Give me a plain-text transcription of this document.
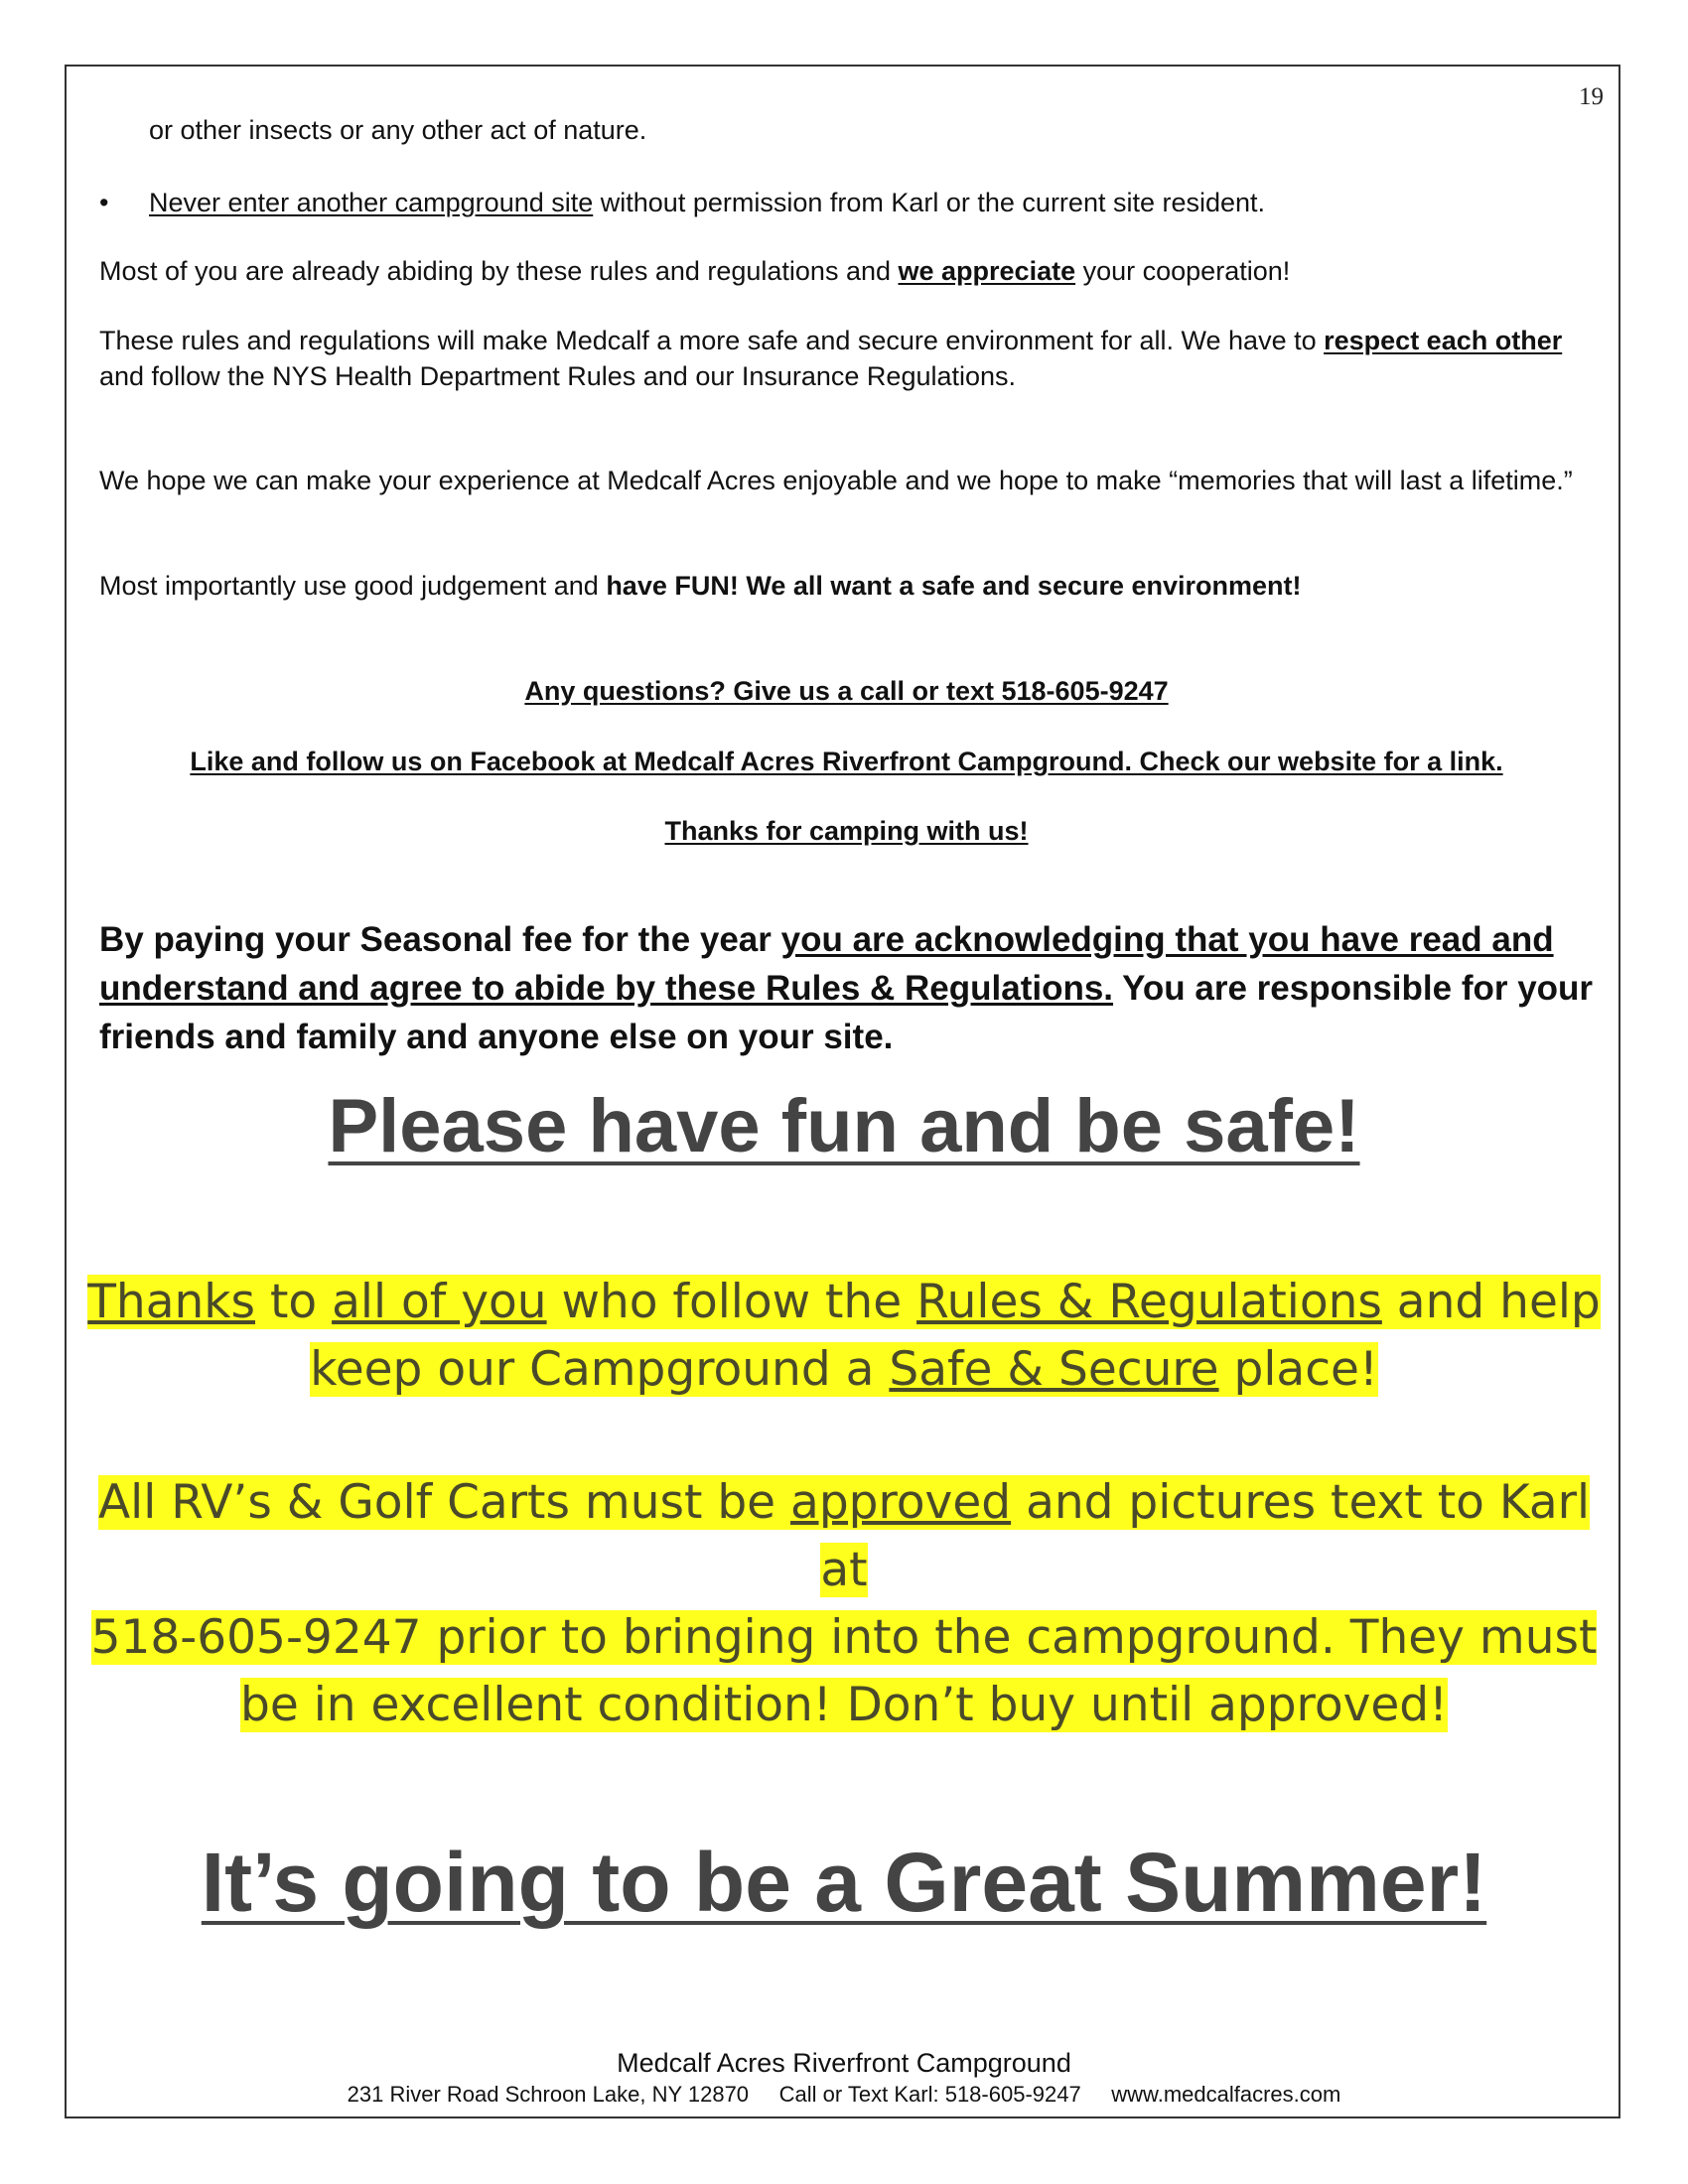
19
or other insects or any other act of nature.
• Never enter another campground site without permission from Karl or the current site resident.
Most of you are already abiding by these rules and regulations and we appreciate your cooperation!
These rules and regulations will make Medcalf a more safe and secure environment for all. We have to respect each other and follow the NYS Health Department Rules and our Insurance Regulations.
We hope we can make your experience at Medcalf Acres enjoyable and we hope to make “memories that will last a lifetime.”
Most importantly use good judgement and have FUN! We all want a safe and secure environment!
Any questions? Give us a call or text 518-605-9247
Like and follow us on Facebook at Medcalf Acres Riverfront Campground. Check our website for a link.
Thanks for camping with us!
By paying your Seasonal fee for the year you are acknowledging that you have read and understand and agree to abide by these Rules & Regulations. You are responsible for your friends and family and anyone else on your site.
Please have fun and be safe!
Thanks to all of you who follow the Rules & Regulations and help
keep our Campground a Safe & Secure place!
All RV’s & Golf Carts must be approved and pictures text to Karl at
518-605-9247 prior to bringing into the campground. They must
be in excellent condition! Don’t buy until approved!
It’s going to be a Great Summer!
Medcalf Acres Riverfront Campground
231 River Road Schroon Lake, NY 12870 Call or Text Karl: 518-605-9247 www.medcalfacres.com
